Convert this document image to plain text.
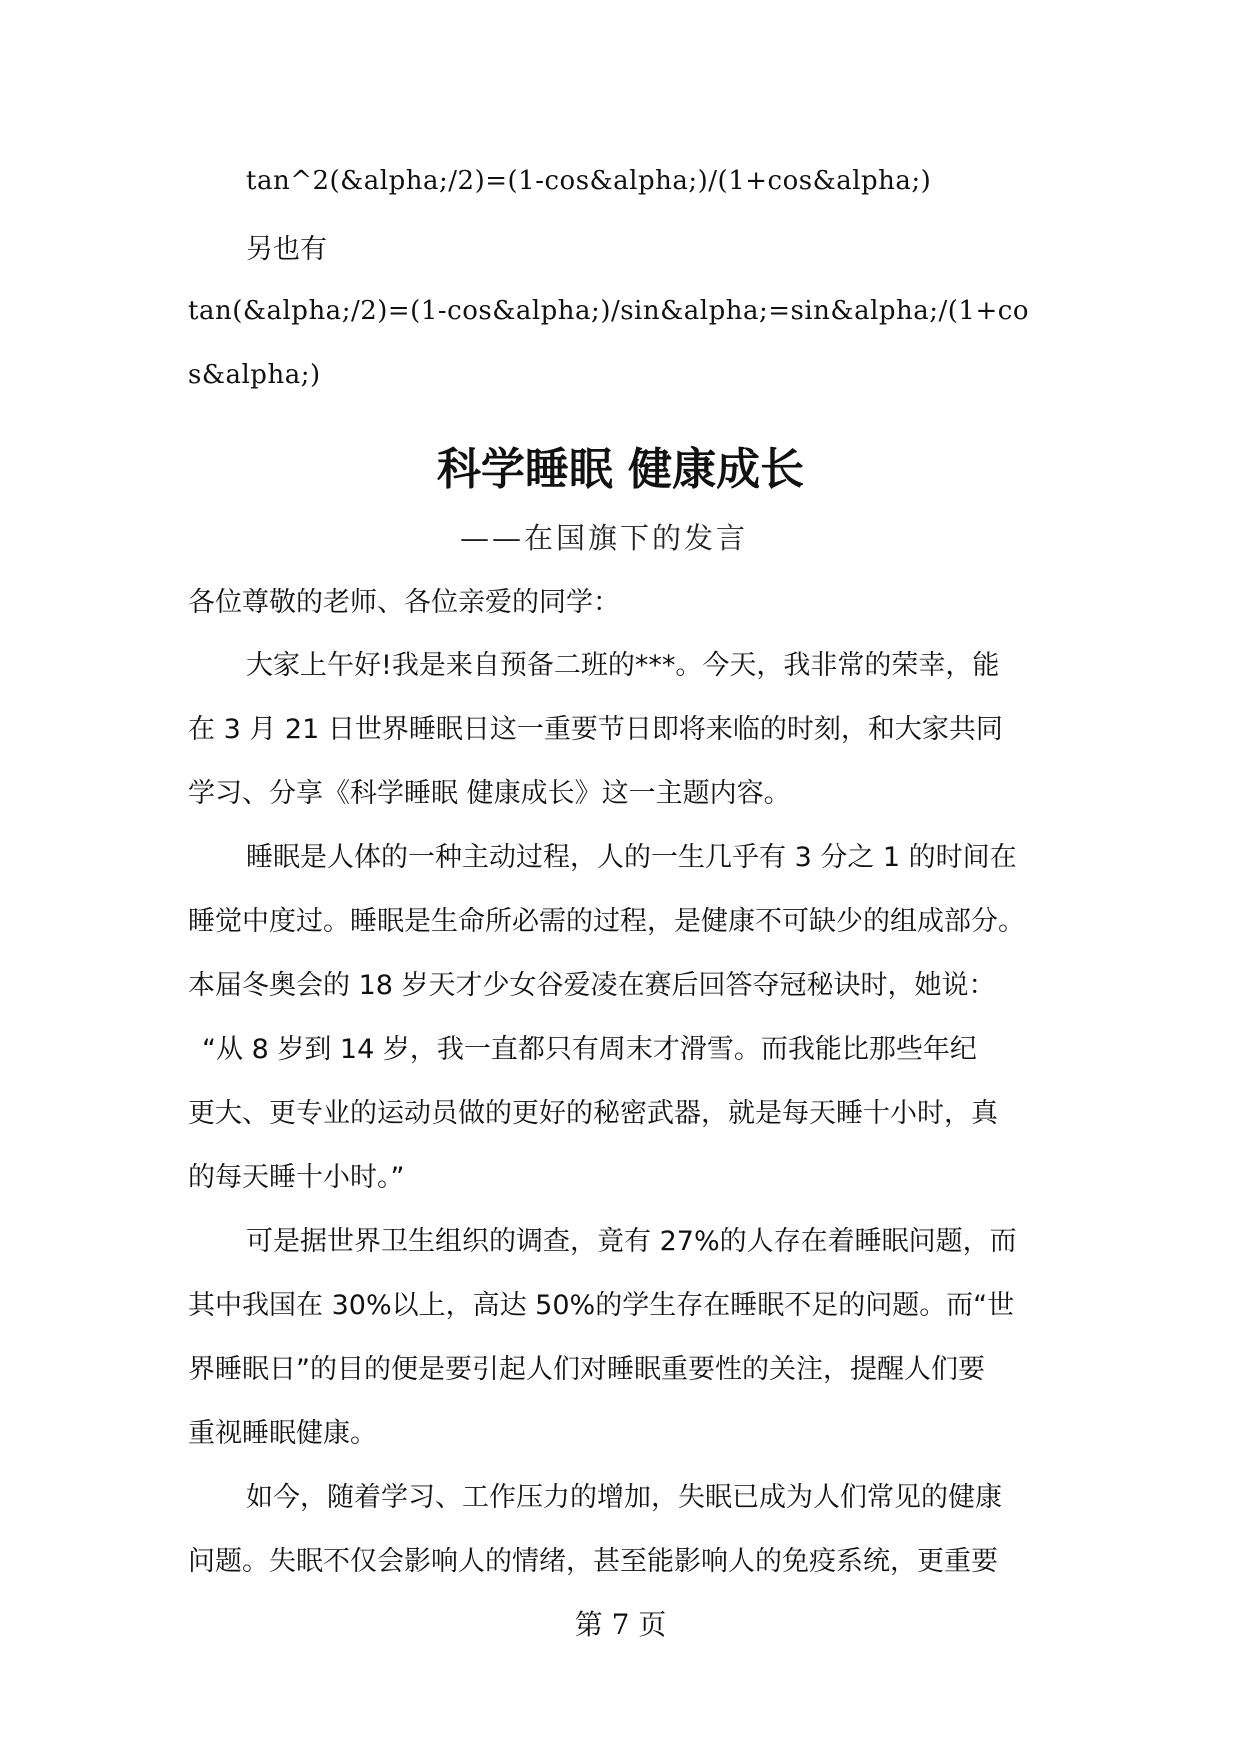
tan^2(&alpha;/2)=(1-cos&alpha;)/(1+cos&alpha;)
另也有
tan(&alpha;/2)=(1-cos&alpha;)/sin&alpha;=sin&alpha;/(1+co
s&alpha;)
科学睡眠 健康成长
——在国旗下的发言
各位尊敬的老师、各位亲爱的同学：
大家上午好!我是来自预备二班的***。今天，我非常的荣幸，能
在 3 月 21 日世界睡眠日这一重要节日即将来临的时刻，和大家共同
学习、分享《科学睡眠 健康成长》这一主题内容。
睡眠是人体的一种主动过程，人的一生几乎有 3 分之 1 的时间在
睡觉中度过。睡眠是生命所必需的过程，是健康不可缺少的组成部分。
本届冬奥会的 18 岁天才少女谷爱凌在赛后回答夺冠秘诀时，她说：
“从 8 岁到 14 岁，我一直都只有周末才滑雪。而我能比那些年纪
更大、更专业的运动员做的更好的秘密武器，就是每天睡十小时，真
的每天睡十小时。”
可是据世界卫生组织的调查，竟有 27%的人存在着睡眠问题，而
其中我国在 30%以上，高达 50%的学生存在睡眠不足的问题。而“世
界睡眠日”的目的便是要引起人们对睡眠重要性的关注，提醒人们要
重视睡眠健康。
如今，随着学习、工作压力的增加，失眠已成为人们常见的健康
问题。失眠不仅会影响人的情绪，甚至能影响人的免疫系统，更重要
第 7 页
